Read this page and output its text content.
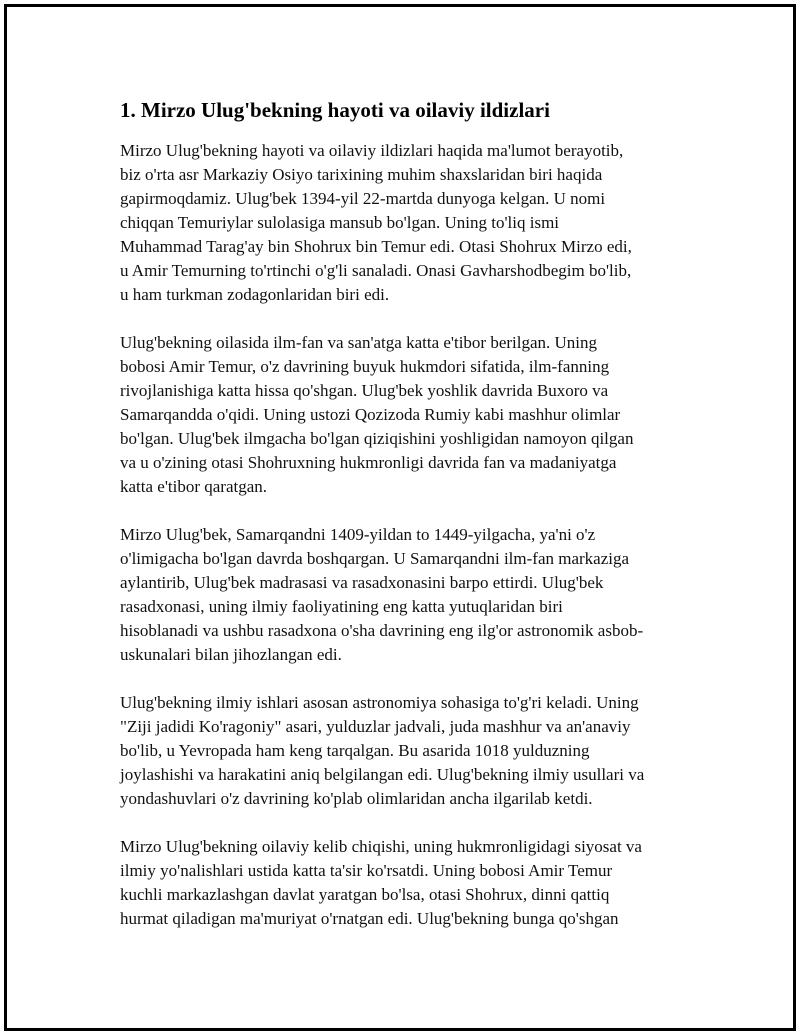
1. Mirzo Ulug'bekning hayoti va oilaviy ildizlari
Mirzo Ulug'bekning hayoti va oilaviy ildizlari haqida ma'lumot berayotib,
biz o'rta asr Markaziy Osiyo tarixining muhim shaxslaridan biri haqida
gapirmoqdamiz. Ulug'bek 1394-yil 22-martda dunyoga kelgan. U nomi
chiqqan Temuriylar sulolasiga mansub bo'lgan. Uning to'liq ismi
Muhammad Tarag'ay bin Shohrux bin Temur edi. Otasi Shohrux Mirzo edi,
u Amir Temurning to'rtinchi o'g'li sanaladi. Onasi Gavharshodbegim bo'lib,
u ham turkman zodagonlaridan biri edi.
Ulug'bekning oilasida ilm-fan va san'atga katta e'tibor berilgan. Uning
bobosi Amir Temur, o'z davrining buyuk hukmdori sifatida, ilm-fanning
rivojlanishiga katta hissa qo'shgan. Ulug'bek yoshlik davrida Buxoro va
Samarqandda o'qidi. Uning ustozi Qozizoda Rumiy kabi mashhur olimlar
bo'lgan. Ulug'bek ilmgacha bo'lgan qiziqishini yoshligidan namoyon qilgan
va u o'zining otasi Shohruxning hukmronligi davrida fan va madaniyatga
katta e'tibor qaratgan.
Mirzo Ulug'bek, Samarqandni 1409-yildan to 1449-yilgacha, ya'ni o'z
o'limigacha bo'lgan davrda boshqargan. U Samarqandni ilm-fan markaziga
aylantirib, Ulug'bek madrasasi va rasadxonasini barpo ettirdi. Ulug'bek
rasadxonasi, uning ilmiy faoliyatining eng katta yutuqlaridan biri
hisoblanadi va ushbu rasadxona o'sha davrining eng ilg'or astronomik asbob-
uskunalari bilan jihozlangan edi.
Ulug'bekning ilmiy ishlari asosan astronomiya sohasiga to'g'ri keladi. Uning
"Ziji jadidi Ko'ragoniy" asari, yulduzlar jadvali, juda mashhur va an'anaviy
bo'lib, u Yevropada ham keng tarqalgan. Bu asarida 1018 yulduzning
joylashishi va harakatini aniq belgilangan edi. Ulug'bekning ilmiy usullari va
yondashuvlari o'z davrining ko'plab olimlaridan ancha ilgarilab ketdi.
Mirzo Ulug'bekning oilaviy kelib chiqishi, uning hukmronligidagi siyosat va
ilmiy yo'nalishlari ustida katta ta'sir ko'rsatdi. Uning bobosi Amir Temur
kuchli markazlashgan davlat yaratgan bo'lsa, otasi Shohrux, dinni qattiq
hurmat qiladigan ma'muriyat o'rnatgan edi. Ulug'bekning bunga qo'shgan
